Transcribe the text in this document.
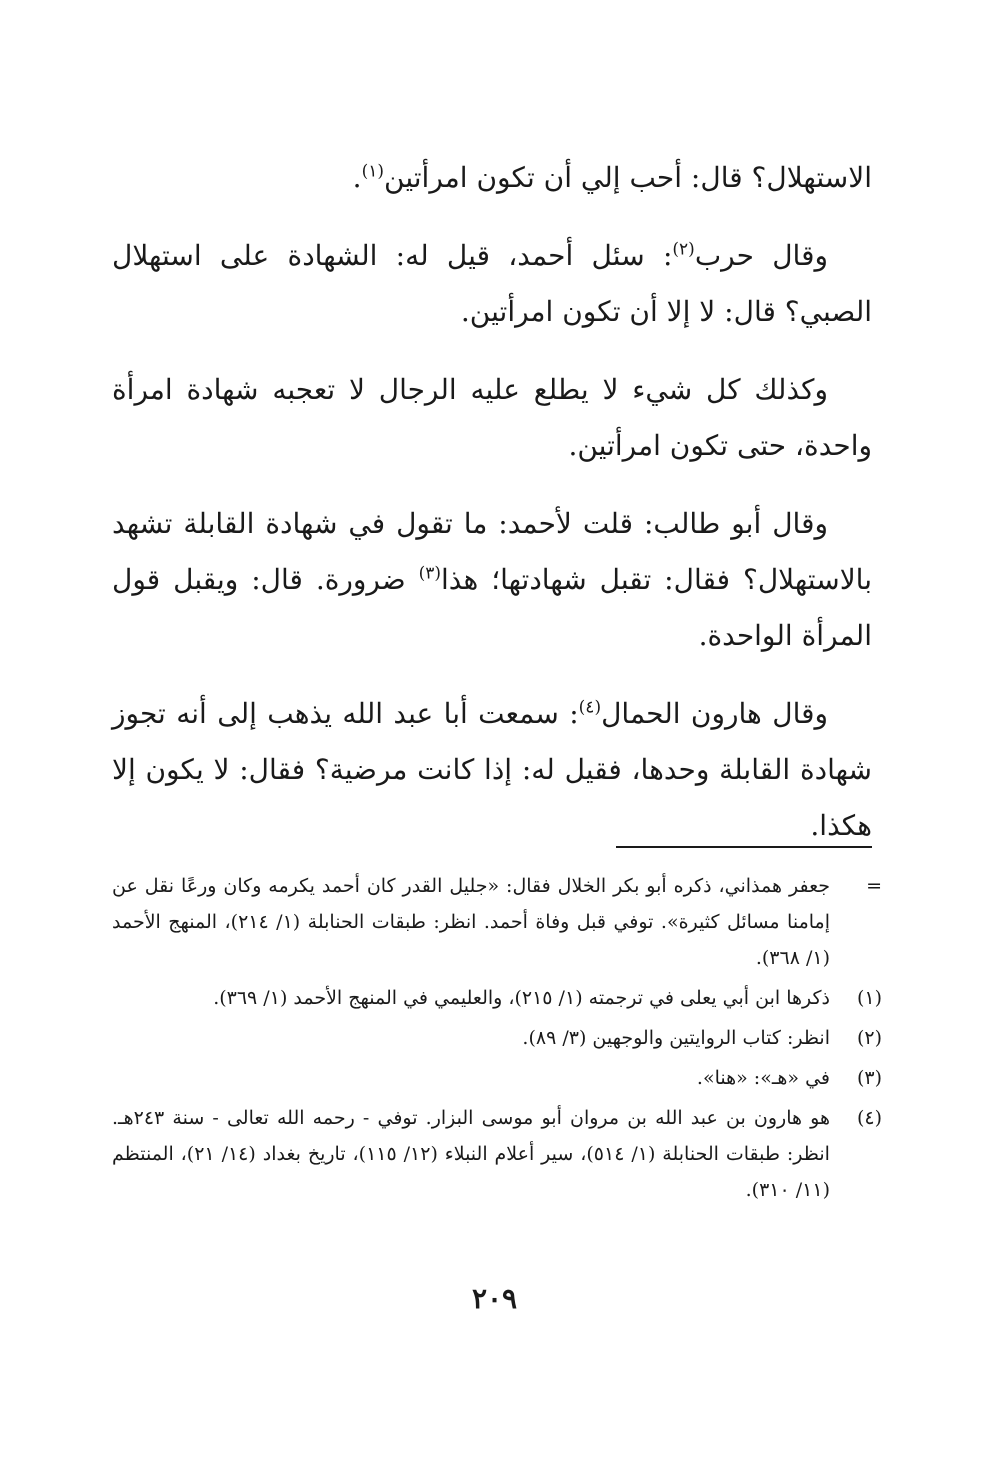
الاستهلال؟ قال: أحب إلي أن تكون امرأتين$^{(١)}$.

وقال حرب$^{(٢)}$: سئل أحمد، قيل له: الشهادة على استهلال الصبي؟ قال: لا إلا أن تكون امرأتين.

وكذلك كل شيء لا يطلع عليه الرجال لا تعجبه شهادة امرأة واحدة، حتى تكون امرأتين.

وقال أبو طالب: قلت لأحمد: ما تقول في شهادة القابلة تشهد بالاستهلال؟ فقال: تقبل شهادتها؛ هذا$^{(٣)}$ ضرورة. قال: ويقبل قول المرأة الواحدة.

وقال هارون الحمال$^{(٤)}$: سمعت أبا عبد الله يذهب إلى أنه تجوز شهادة القابلة وحدها، فقيل له: إذا كانت مرضية؟ فقال: لا يكون إلا هكذا.

=
جعفر همذاني، ذكره أبو بكر الخلال فقال: «جليل القدر كان أحمد يكرمه وكان ورعًا نقل عن إمامنا مسائل كثيرة». توفي قبل وفاة أحمد. انظر: طبقات الحنابلة (١/ ٢١٤)، المنهج الأحمد (١/ ٣٦٨).
(١)
ذكرها ابن أبي يعلى في ترجمته (١/ ٢١٥)، والعليمي في المنهج الأحمد (١/ ٣٦٩).
(٢)
انظر: كتاب الروايتين والوجهين (٣/ ٨٩).
(٣)
في «هـ»: «هنا».
(٤)
هو هارون بن عبد الله بن مروان أبو موسى البزار. توفي - رحمه الله تعالى - سنة ٢٤٣هـ. انظر: طبقات الحنابلة (١/ ٥١٤)، سير أعلام النبلاء (١٢/ ١١٥)، تاريخ بغداد (١٤/ ٢١)، المنتظم (١١/ ٣١٠).
٢٠٩
